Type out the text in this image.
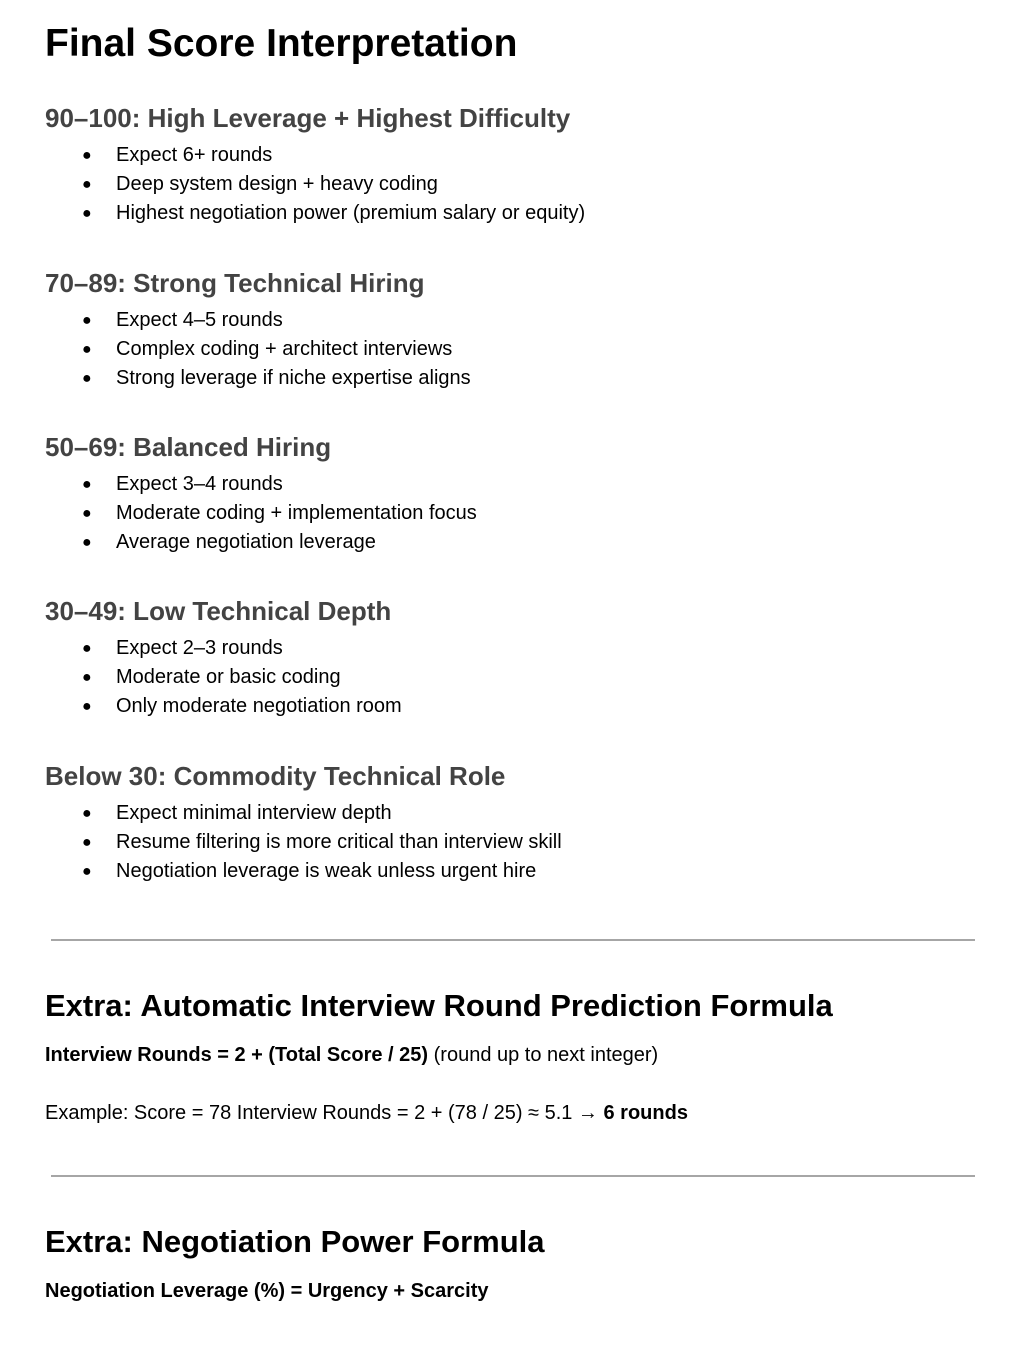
Final Score Interpretation
90–100: High Leverage + Highest Difficulty
● Expect 6+ rounds
● Deep system design + heavy coding
● Highest negotiation power (premium salary or equity)
70–89: Strong Technical Hiring
● Expect 4–5 rounds
● Complex coding + architect interviews
● Strong leverage if niche expertise aligns
50–69: Balanced Hiring
● Expect 3–4 rounds
● Moderate coding + implementation focus
● Average negotiation leverage
30–49: Low Technical Depth
● Expect 2–3 rounds
● Moderate or basic coding
● Only moderate negotiation room
Below 30: Commodity Technical Role
● Expect minimal interview depth
● Resume filtering is more critical than interview skill
● Negotiation leverage is weak unless urgent hire
Extra: Automatic Interview Round Prediction Formula

Interview Rounds = 2 + (Total Score / 25) (round up to next integer)

Example: Score = 78 Interview Rounds = 2 + (78 / 25) ≈ 5.1 → 6 rounds

Extra: Negotiation Power Formula

Negotiation Leverage (%) = Urgency + Scarcity
